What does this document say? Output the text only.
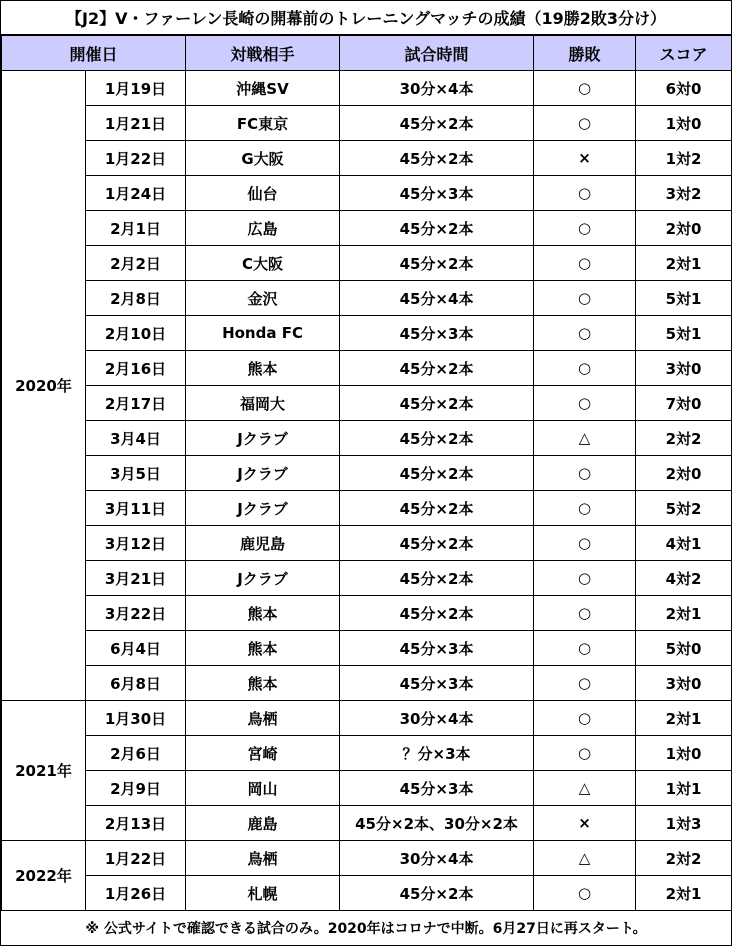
【J2】V・ファーレン長崎の開幕前のトレーニングマッチの成績（19勝2敗3分け）
開催日		対戦相手	試合時間	勝敗	スコア
2020年	1月19日	沖縄SV	30分×4本	○	6対0
	1月21日	FC東京	45分×2本	○	1対0
	1月22日	G大阪	45分×2本	×	1対2
	1月24日	仙台	45分×3本	○	3対2
	2月1日	広島	45分×2本	○	2対0
	2月2日	C大阪	45分×2本	○	2対1
	2月8日	金沢	45分×4本	○	5対1
	2月10日	Honda FC	45分×3本	○	5対1
	2月16日	熊本	45分×2本	○	3対0
	2月17日	福岡大	45分×2本	○	7対0
	3月4日	Jクラブ	45分×2本	△	2対2
	3月5日	Jクラブ	45分×2本	○	2対0
	3月11日	Jクラブ	45分×2本	○	5対2
	3月12日	鹿児島	45分×2本	○	4対1
	3月21日	Jクラブ	45分×2本	○	4対2
	3月22日	熊本	45分×2本	○	2対1
	6月4日	熊本	45分×3本	○	5対0
	6月8日	熊本	45分×3本	○	3対0
2021年	1月30日	鳥栖	30分×4本	○	2対1
	2月6日	宮崎	？分×3本	○	1対0
	2月9日	岡山	45分×3本	△	1対1
	2月13日	鹿島	45分×2本、30分×2本	×	1対3
2022年	1月22日	鳥栖	30分×4本	△	2対2
	1月26日	札幌	45分×2本	○	2対1
※ 公式サイトで確認できる試合のみ。2020年はコロナで中断。6月27日に再スタート。
